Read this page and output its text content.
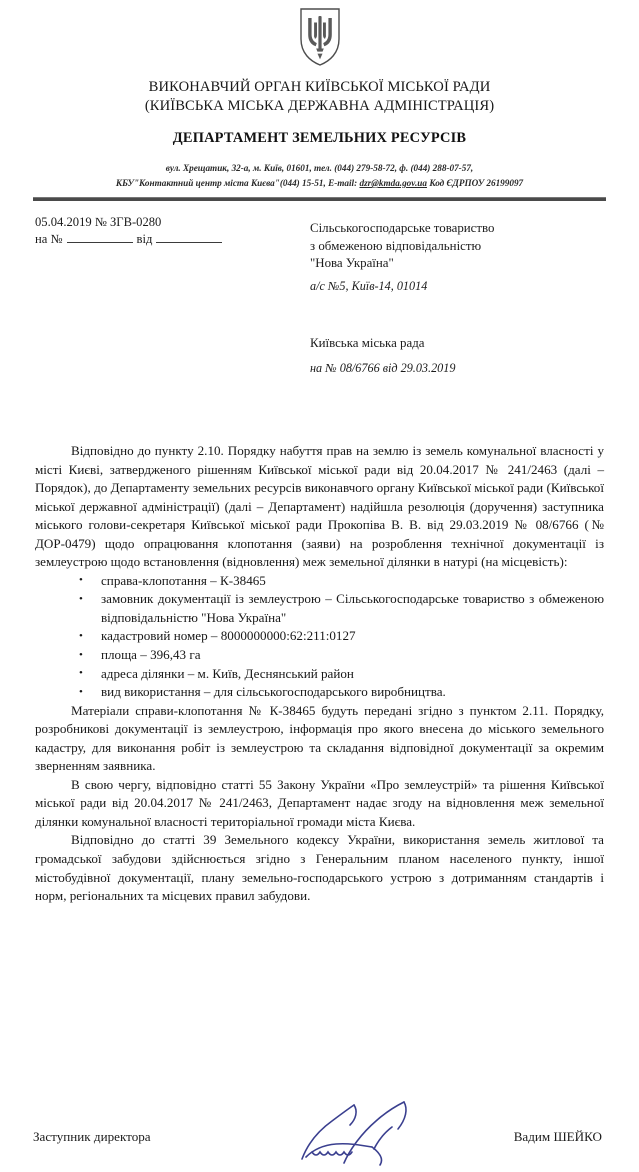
ВИКОНАВЧИЙ ОРГАН КИЇВСЬКОЇ МІСЬКОЇ РАДИ
(КИЇВСЬКА МІСЬКА ДЕРЖАВНА АДМІНІСТРАЦІЯ)
ДЕПАРТАМЕНТ ЗЕМЕЛЬНИХ РЕСУРСІВ
вул. Хрещатик, 32-а, м. Київ, 01601, тел. (044) 279-58-72, ф. (044) 288-07-57,
КБУ"Контактний центр міста Києва"(044) 15-51, E-mail: dzr@kmda.gov.ua Код ЄДРПОУ 26199097
05.04.2019 № ЗГВ-0280
на №	від
Сільськогосподарське товариство
з обмеженою відповідальністю
"Нова Україна"
а/с №5, Київ-14, 01014
Київська міська рада
на № 08/6766 від 29.03.2019

Відповідно до пункту 2.10. Порядку набуття прав на землю із земель комунальної власності у місті Києві, затвердженого рішенням Київської міської ради від 20.04.2017 № 241/2463 (далі – Порядок), до Департаменту земельних ресурсів виконавчого органу Київської міської ради (Київської міської державної адміністрації) (далі – Департамент) надійшла резолюція (доручення) заступника міського голови-секретаря Київської міської ради Прокопіва В. В. від 29.03.2019 № 08/6766 (№ ДОР-0479) щодо опрацювання клопотання (заяви) на розроблення технічної документації із землеустрою щодо встановлення (відновлення) меж земельної ділянки в натурі (на місцевість):

• справа-клопотання – К-38465
• замовник документації із землеустрою – Сільськогосподарське товариство з обмеженою відповідальністю "Нова Україна"
• кадастровий номер – 8000000000:62:211:0127
• площа – 396,43 га
• адреса ділянки – м. Київ, Деснянський район
• вид використання – для сільськогосподарського виробництва.

Матеріали справи-клопотання № К-38465 будуть передані згідно з пунктом 2.11. Порядку, розробникові документації із землеустрою, інформація про якого внесена до міського земельного кадастру, для виконання робіт із землеустрою та складання відповідної документації за окремим зверненням заявника.

В свою чергу, відповідно статті 55 Закону України «Про землеустрій» та рішення Київської міської ради від 20.04.2017 № 241/2463, Департамент надає згоду на відновлення меж земельної ділянки комунальної власності територіальної громади міста Києва.

Відповідно до статті 39 Земельного кодексу України, використання земель житлової та громадської забудови здійснюється згідно з Генеральним планом населеного пункту, іншої містобудівної документації, плану земельно-господарського устрою з дотриманням стандартів і норм, регіональних та місцевих правил забудови.

Заступник директора	Вадим ШЕЙКО
